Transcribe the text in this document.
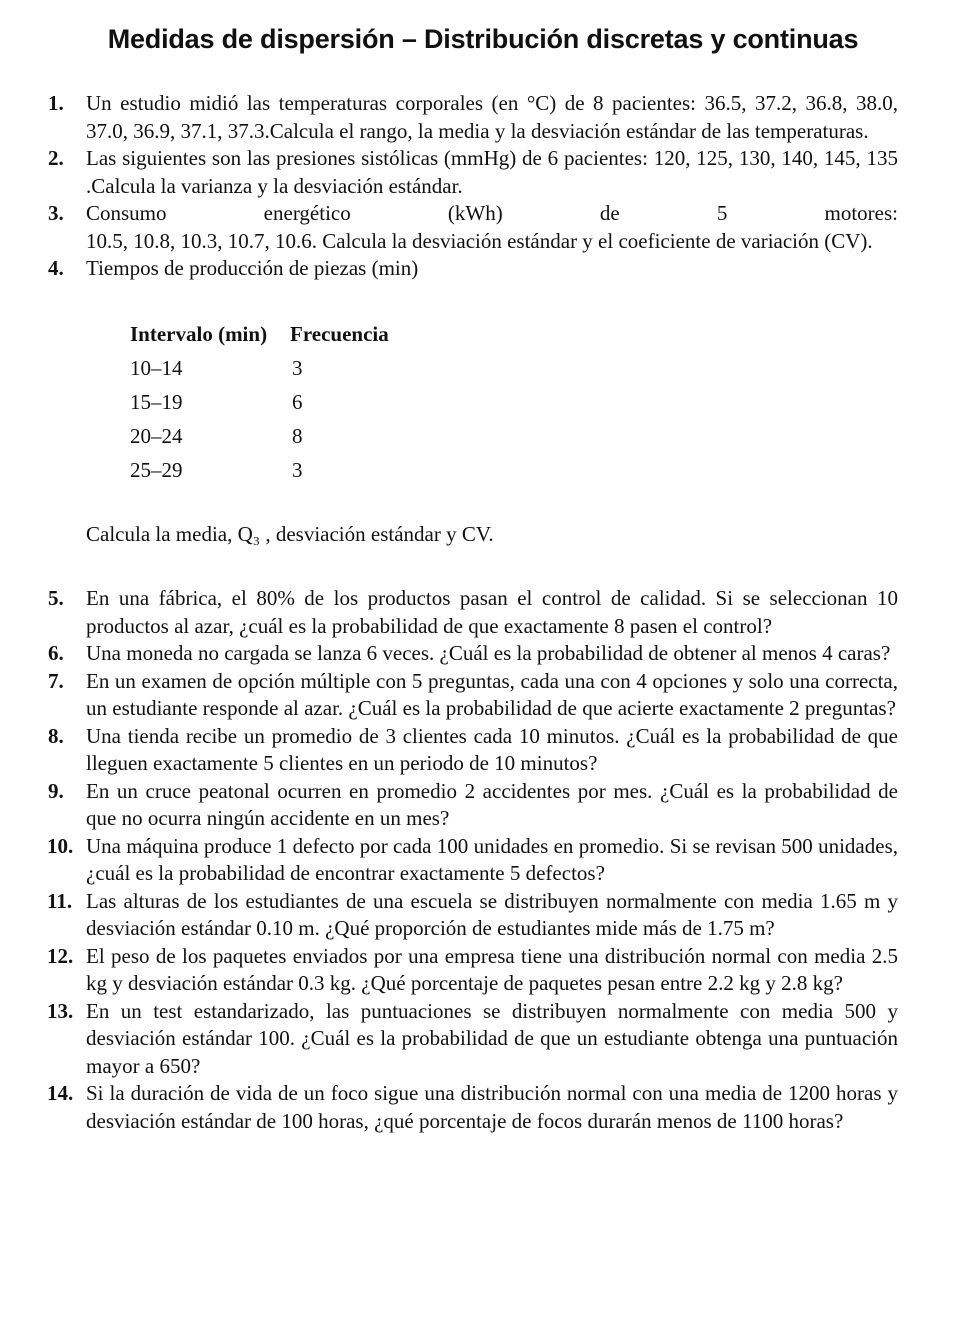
Medidas de dispersión – Distribución discretas y continuas
1. Un estudio midió las temperaturas corporales (en °C) de 8 pacientes: 36.5, 37.2, 36.8, 38.0, 37.0, 36.9, 37.1, 37.3.Calcula el rango, la media y la desviación estándar de las temperaturas.

2. Las siguientes son las presiones sistólicas (mmHg) de 6 pacientes: 120, 125, 130, 140, 145, 135 .Calcula la varianza y la desviación estándar.

3. Consumo energético (kWh) de 5 motores:

10.5, 10.8, 10.3, 10.7, 10.6. Calcula la desviación estándar y el coeficiente de variación (CV).

4. Tiempos de producción de piezas (min)

Intervalo (min) Frecuencia
10–14	3
15–19	6
20–24	8
25–29	3

Calcula la media, Q₃ , desviación estándar y CV.

5. En una fábrica, el 80% de los productos pasan el control de calidad. Si se seleccionan 10 productos al azar, ¿cuál es la probabilidad de que exactamente 8 pasen el control?

6. Una moneda no cargada se lanza 6 veces. ¿Cuál es la probabilidad de obtener al menos 4 caras?

7. En un examen de opción múltiple con 5 preguntas, cada una con 4 opciones y solo una correcta, un estudiante responde al azar. ¿Cuál es la probabilidad de que acierte exactamente 2 preguntas?

8. Una tienda recibe un promedio de 3 clientes cada 10 minutos. ¿Cuál es la probabilidad de que lleguen exactamente 5 clientes en un periodo de 10 minutos?

9. En un cruce peatonal ocurren en promedio 2 accidentes por mes. ¿Cuál es la probabilidad de que no ocurra ningún accidente en un mes?

10. Una máquina produce 1 defecto por cada 100 unidades en promedio. Si se revisan 500 unidades, ¿cuál es la probabilidad de encontrar exactamente 5 defectos?

11. Las alturas de los estudiantes de una escuela se distribuyen normalmente con media 1.65 m y desviación estándar 0.10 m. ¿Qué proporción de estudiantes mide más de 1.75 m?

12. El peso de los paquetes enviados por una empresa tiene una distribución normal con media 2.5 kg y desviación estándar 0.3 kg. ¿Qué porcentaje de paquetes pesan entre 2.2 kg y 2.8 kg?

13. En un test estandarizado, las puntuaciones se distribuyen normalmente con media 500 y desviación estándar 100. ¿Cuál es la probabilidad de que un estudiante obtenga una puntuación mayor a 650?

14. Si la duración de vida de un foco sigue una distribución normal con una media de 1200 horas y desviación estándar de 100 horas, ¿qué porcentaje de focos durarán menos de 1100 horas?
